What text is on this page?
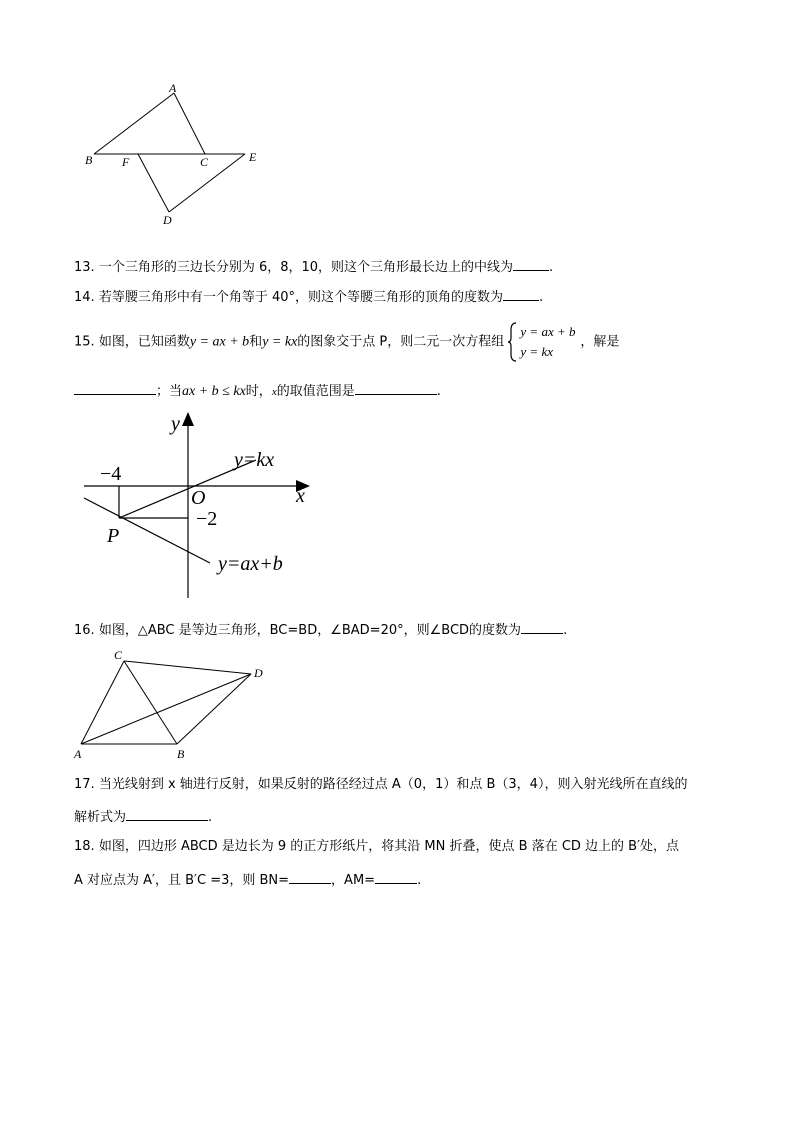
A
B F	C	E
D
13. 一个三角形的三边长分别为 6，8，10，则这个三角形最长边上的中线为	.
14. 若等腰三角形中有一个角等于 40°，则这个等腰三角形的顶角的度数为	.
15. 如图，已知函数y = ax + b和y = kx的图象交于点 P，则二元一次方程组
y = ax + b
y = kx
，解是
；当ax + b ≤ kx时，x的取值范围是	.
y
x
O
−4
−2
P
y=kx
y=ax+b
16. 如图，△ABC 是等边三角形，BC=BD，∠BAD=20°，则∠BCD的度数为	.
C
D
A	B
17. 当光线射到 x 轴进行反射，如果反射的路径经过点 A（0，1）和点 B（3，4），则入射光线所在直线的
解析式为	.
18. 如图，四边形 ABCD 是边长为 9 的正方形纸片，将其沿 MN 折叠，使点 B 落在 CD 边上的 B′处，点
A 对应点为 A′，且 B′C =3，则 BN=	，AM=	.
